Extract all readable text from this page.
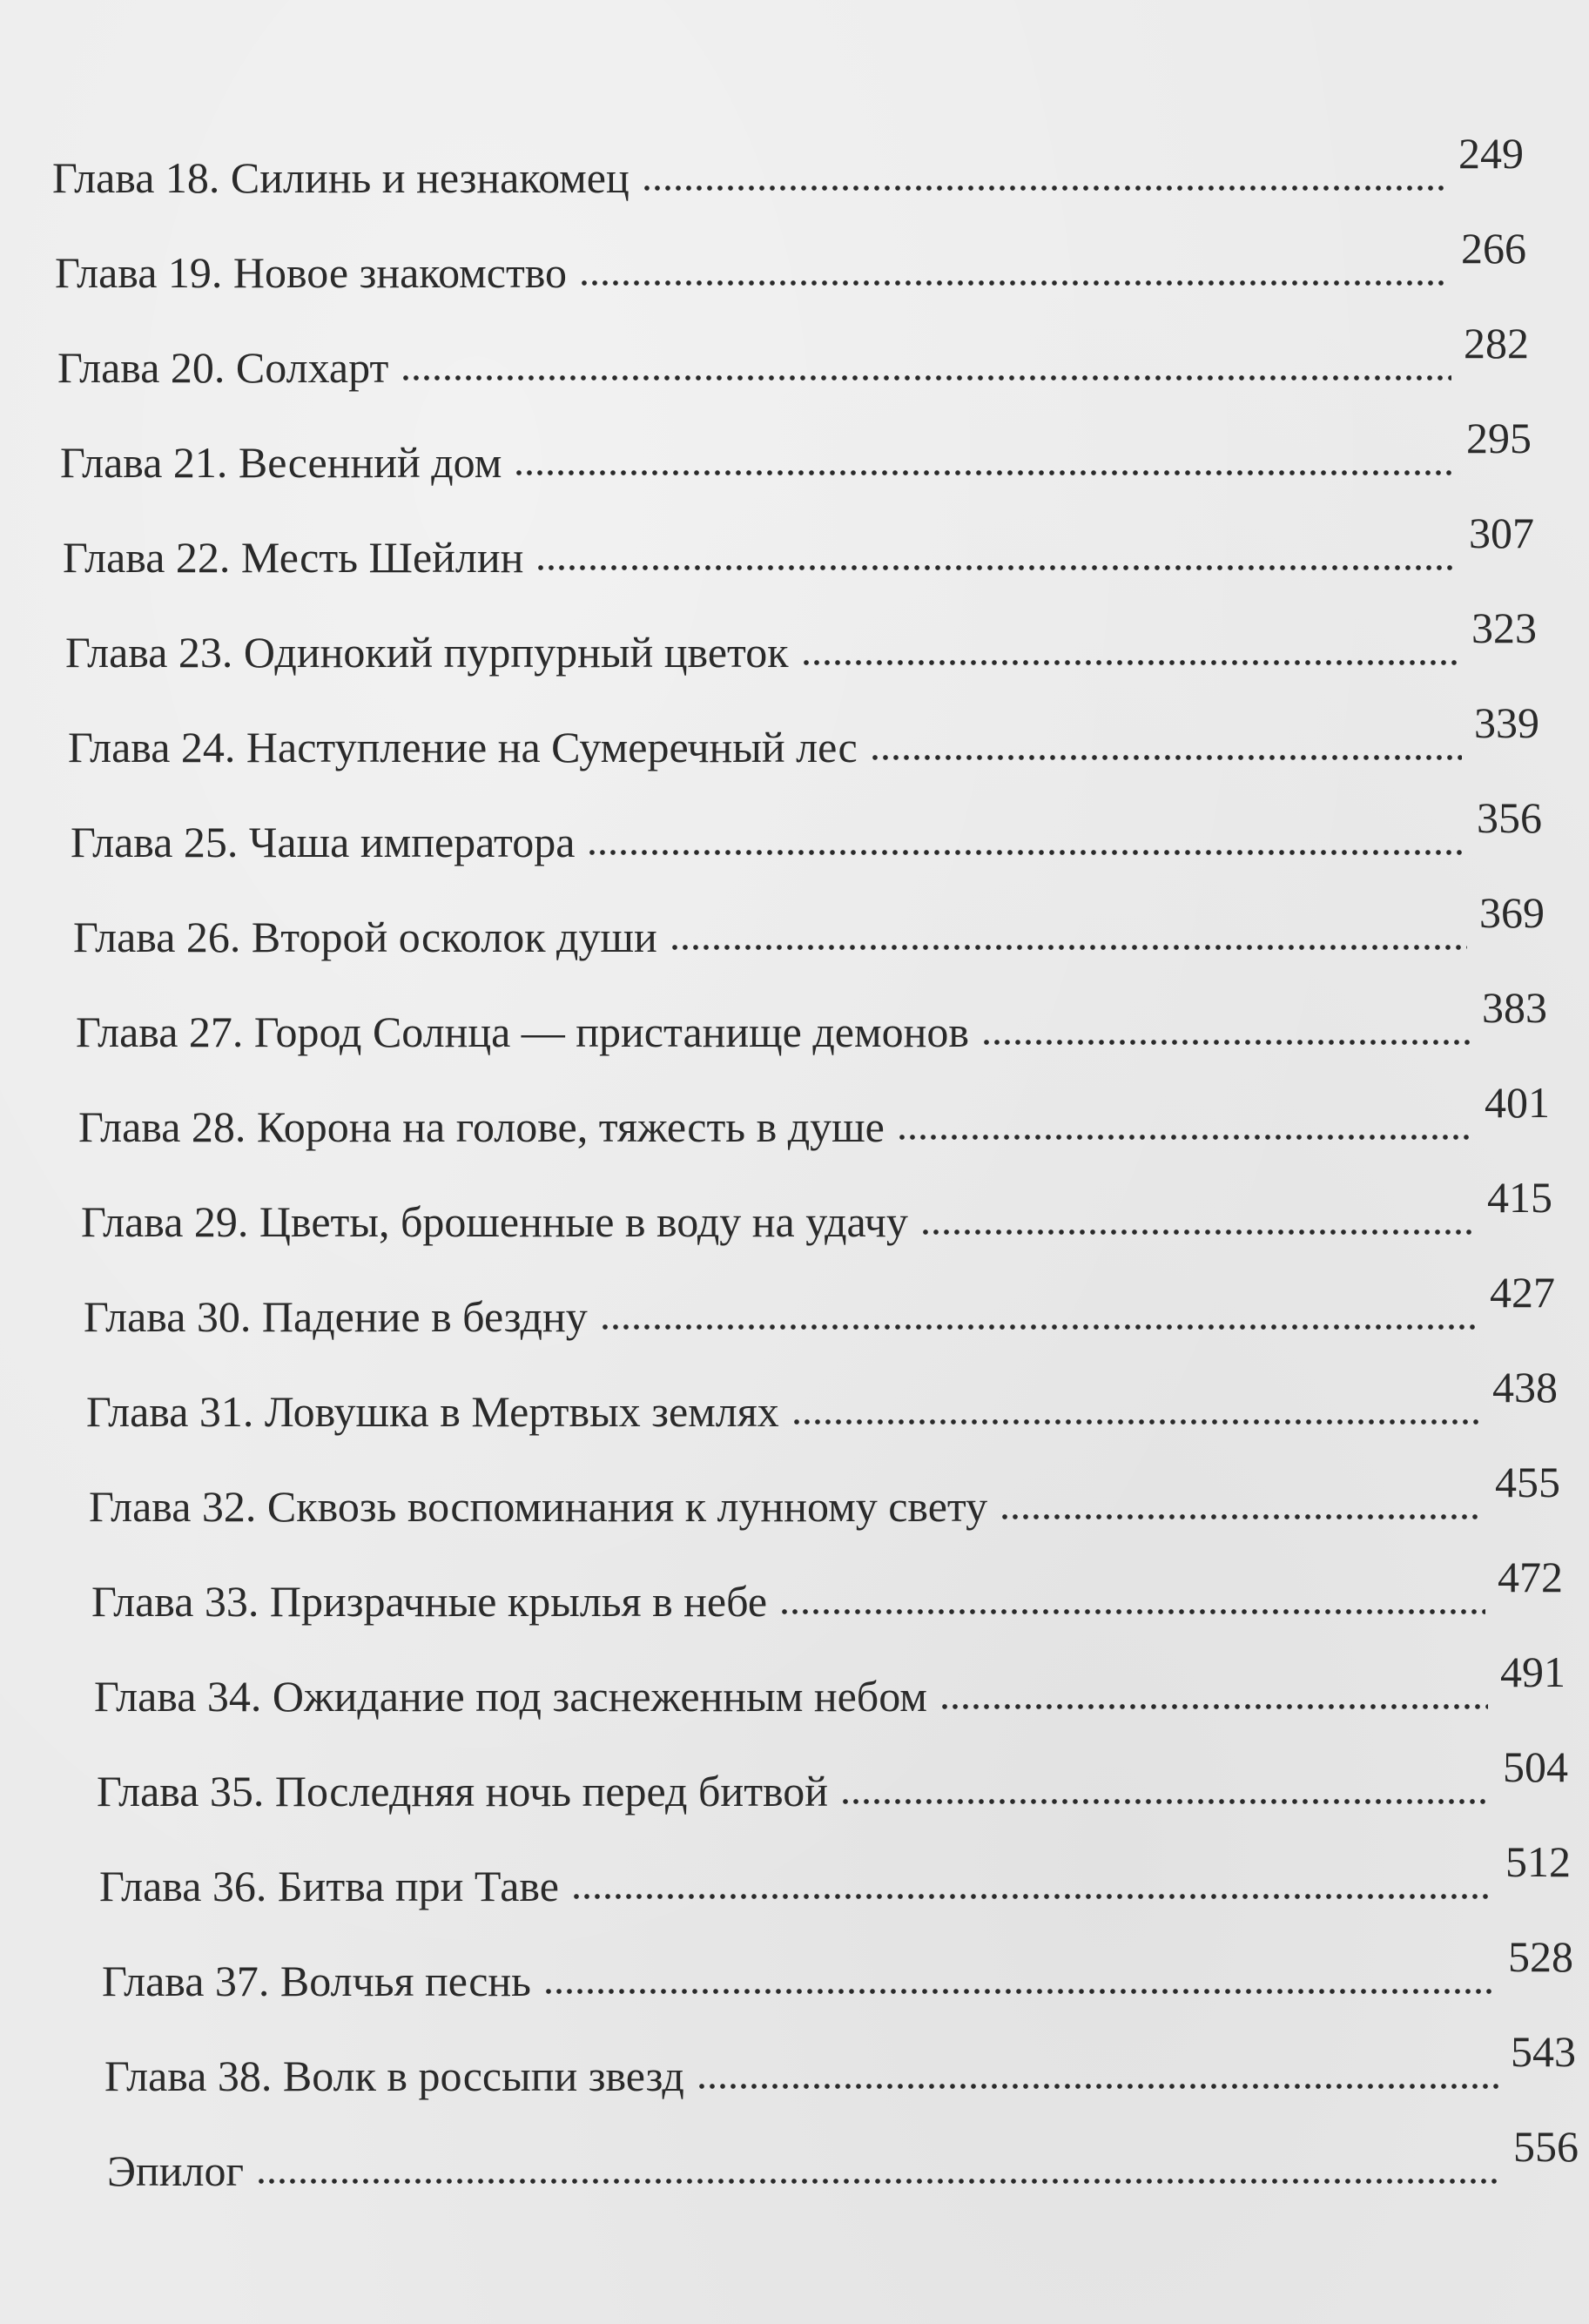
Глава 18. Силинь и незнакомец	249
Глава 19. Новое знакомство	266
Глава 20. Солхарт	282
Глава 21. Весенний дом	295
Глава 22. Месть Шейлин	307
Глава 23. Одинокий пурпурный цветок	323
Глава 24. Наступление на Сумеречный лес	339
Глава 25. Чаша императора	356
Глава 26. Второй осколок души	369
Глава 27. Город Солнца — пристанище демонов	383
Глава 28. Корона на голове, тяжесть в душе	401
Глава 29. Цветы, брошенные в воду на удачу	415
Глава 30. Падение в бездну	427
Глава 31. Ловушка в Мертвых землях	438
Глава 32. Сквозь воспоминания к лунному свету	455
Глава 33. Призрачные крылья в небе	472
Глава 34. Ожидание под заснеженным небом	491
Глава 35. Последняя ночь перед битвой	504
Глава 36. Битва при Таве	512
Глава 37. Волчья песнь	528
Глава 38. Волк в россыпи звезд	543
Эпилог	556
